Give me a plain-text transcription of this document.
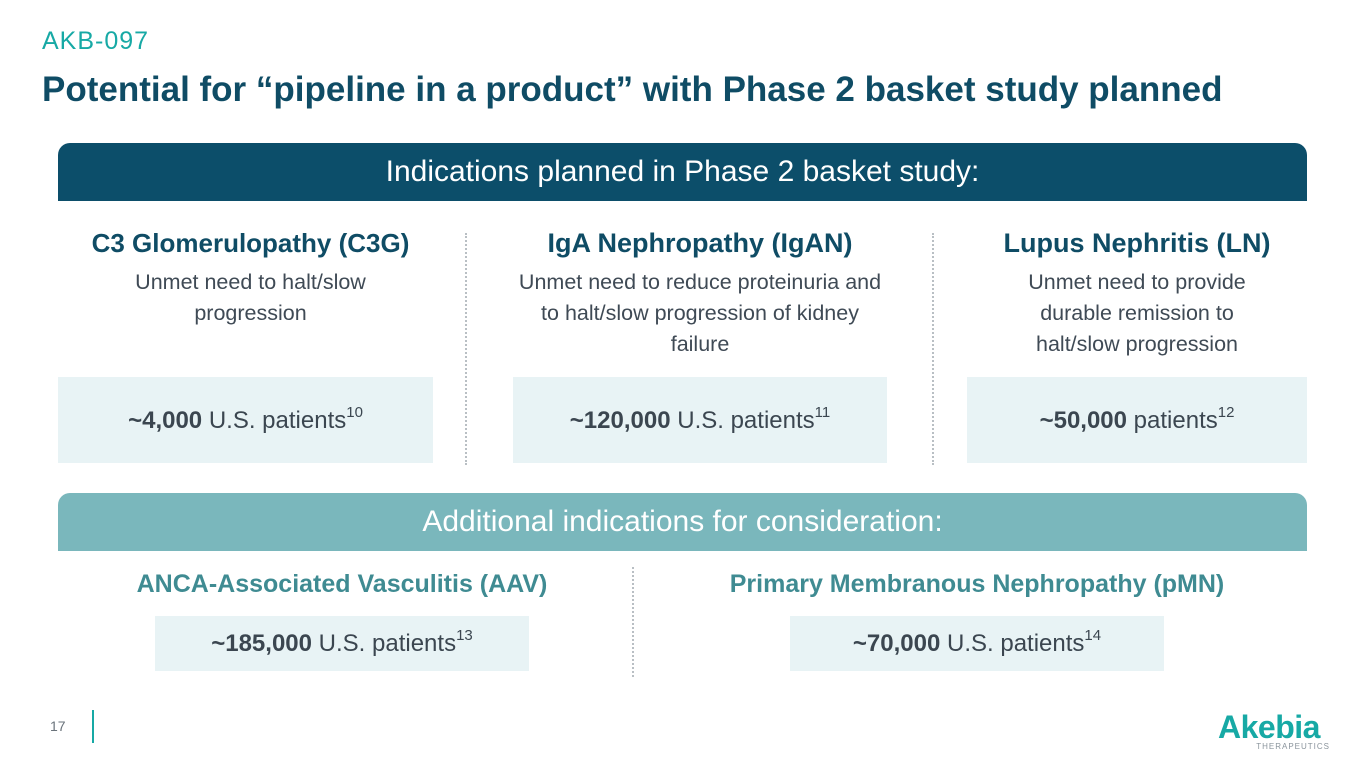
AKB-097
Potential for “pipeline in a product” with Phase 2 basket study planned
Indications planned in Phase 2 basket study:
C3 Glomerulopathy (C3G)
Unmet need to halt/slow progression
~4,000 U.S. patients$^{10}$
IgA Nephropathy (IgAN)
Unmet need to reduce proteinuria and to halt/slow progression of kidney failure
~120,000 U.S. patients$^{11}$
Lupus Nephritis (LN)
Unmet need to provide durable remission to halt/slow progression
~50,000 patients$^{12}$
Additional indications for consideration:
ANCA-Associated Vasculitis (AAV)
~185,000 U.S. patients$^{13}$
Primary Membranous Nephropathy (pMN)
~70,000 U.S. patients$^{14}$
17	Akebia
THERAPEUTICS
